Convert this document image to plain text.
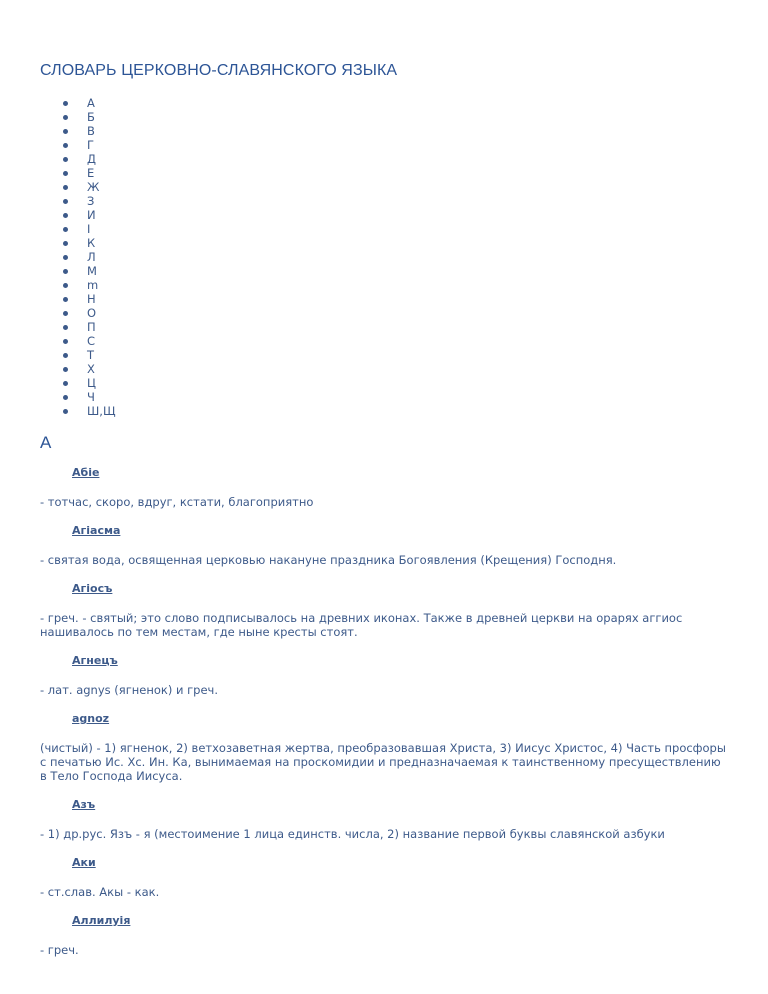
СЛОВАРЬ ЦЕРКОВНО-СЛАВЯНСКОГО ЯЗЫКА
А
Б
В
Г
Д
Е
Ж
З
И
I
К
Л
М
m
Н
О
П
С
Т
Х
Ц
Ч
Ш,Щ
А
Абіе

- тотчас, скоро, вдруг, кстати, благоприятно

Агіасма

- святая вода, освященная церковью накануне праздника Богоявления (Крещения) Господня.

Агіосъ

- греч. - святый; это слово подписывалось на древних иконах. Также в древней церкви на орарях аггиос нашивалось по тем местам, где ныне кресты стоят.

Агнецъ

- лат. agnys (ягненок) и греч.

agnoz

(чистый) - 1) ягненок, 2) ветхозаветная жертва, преобразовавшая Христа, 3) Иисус Христос, 4) Часть просфоры с печатью Ис. Хс. Ин. Ка, вынимаемая на проскомидии и предназначаемая к таинственному пресуществлению в Тело Господа Иисуса.

Азъ

- 1) др.рус. Язъ - я (местоимение 1 лица единств. числа, 2) название первой буквы славянской азбуки

Аки

- ст.слав. Акы - как.

Аллилуія

- греч.
